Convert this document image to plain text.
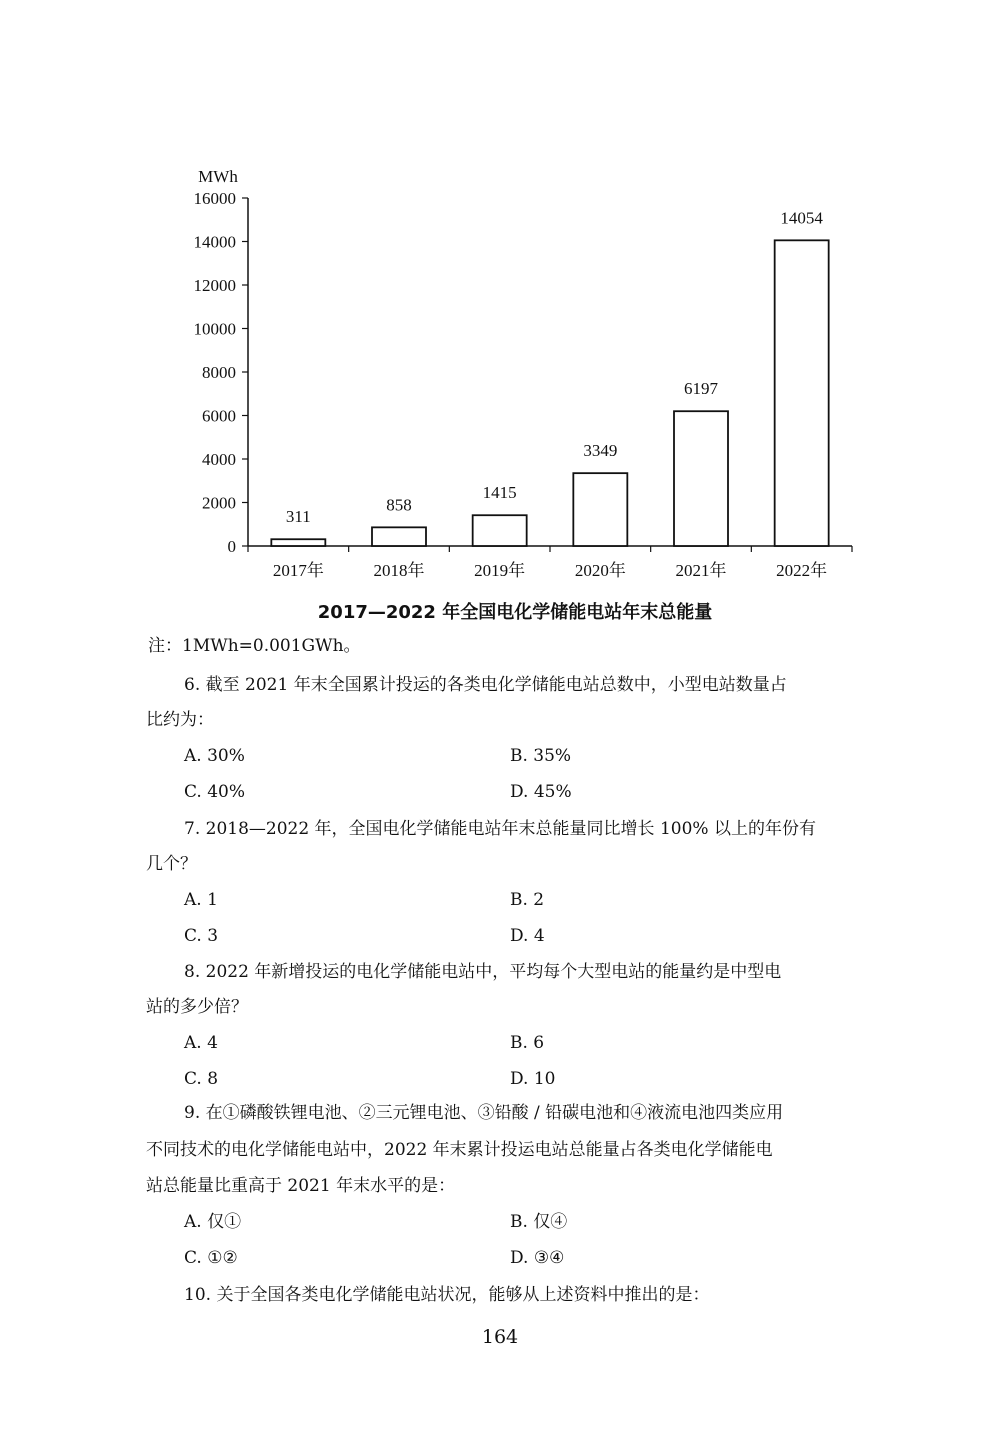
MWh
0
2000
4000
6000
8000
10000
12000
14000
16000
311
2017年
858
2018年
1415
2019年
3349
2020年
6197
2021年
14054
2022年
2017—2022 年全国电化学储能电站年末总能量
注：1MWh=0.001GWh。
6. 截至 2021 年末全国累计投运的各类电化学储能电站总数中，小型电站数量占
比约为：
A. 30%	B. 35%
C. 40%	D. 45%
7. 2018—2022 年，全国电化学储能电站年末总能量同比增长 100% 以上的年份有
几个？
A. 1	B. 2
C. 3	D. 4
8. 2022 年新增投运的电化学储能电站中，平均每个大型电站的能量约是中型电
站的多少倍？
A. 4	B. 6
C. 8	D. 10
9. 在①磷酸铁锂电池、②三元锂电池、③铅酸 / 铅碳电池和④液流电池四类应用
不同技术的电化学储能电站中，2022 年末累计投运电站总能量占各类电化学储能电
站总能量比重高于 2021 年末水平的是：
A. 仅①	B. 仅④
C. ①②	D. ③④
10. 关于全国各类电化学储能电站状况，能够从上述资料中推出的是：
164
